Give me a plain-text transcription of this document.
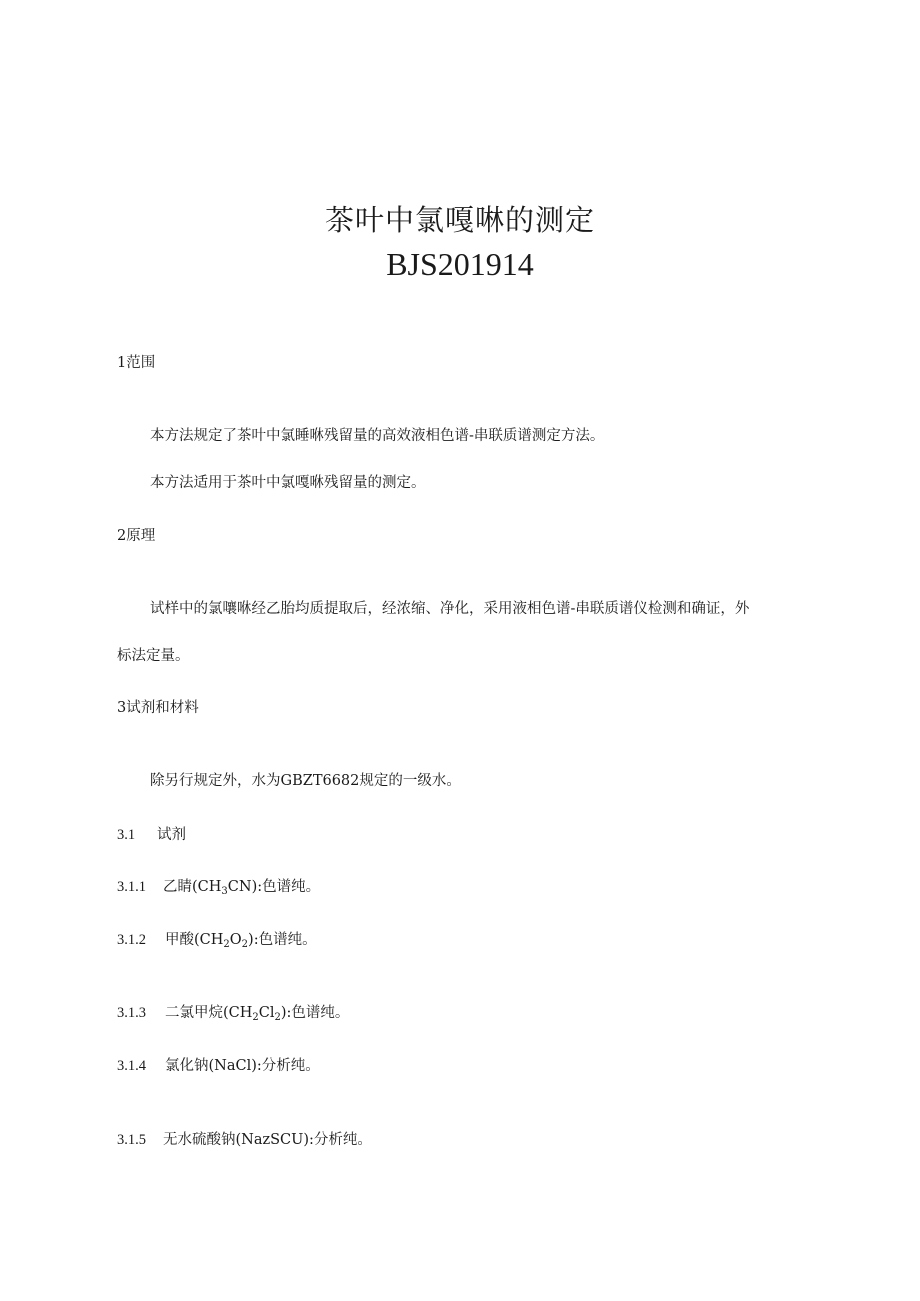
茶叶中氯嘎啉的测定
BJS201914
1范围
本方法规定了茶叶中氯睡咻残留量的高效液相色谱-串联质谱测定方法。
本方法适用于茶叶中氯嘎咻残留量的测定。
2原理
试样中的氯嚷咻经乙胎均质提取后，经浓缩、净化，采用液相色谱-串联质谱仪检测和确证，外
标法定量。
3试剂和材料
除另行规定外，水为GBZT6682规定的一级水。
3.1 试剂
3.1.1 乙睛$(CH_3CN)$:色谱纯。
3.1.2 甲酸$(CH_2O_2)$:色谱纯。
3.1.3 二氯甲烷$(CH_2Cl_2)$:色谱纯。
3.1.4 氯化钠(NaCl):分析纯。
3.1.5 无水硫酸钠(NazSCU):分析纯。
